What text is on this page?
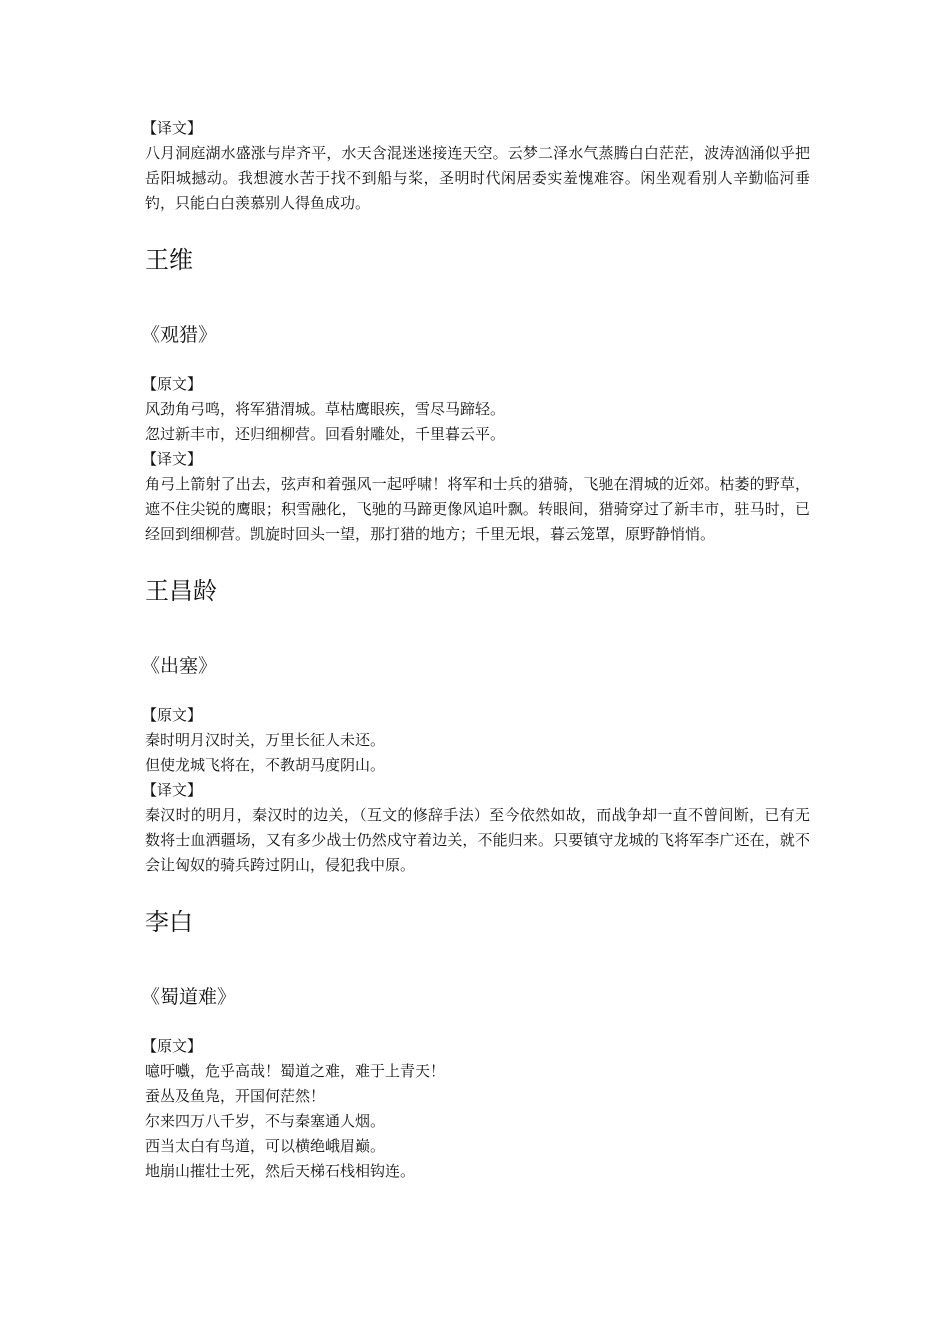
【译文】
八月洞庭湖水盛涨与岸齐平，水天含混迷迷接连天空。云梦二泽水气蒸腾白白茫茫，波涛汹涌似乎把岳阳城撼动。我想渡水苦于找不到船与桨，圣明时代闲居委实羞愧难容。闲坐观看别人辛勤临河垂钓，只能白白羡慕别人得鱼成功。
王维
《观猎》
【原文】
风劲角弓鸣，将军猎渭城。草枯鹰眼疾，雪尽马蹄轻。
忽过新丰市，还归细柳营。回看射雕处，千里暮云平。
【译文】
角弓上箭射了出去，弦声和着强风一起呼啸！将军和士兵的猎骑，飞驰在渭城的近郊。枯萎的野草，遮不住尖锐的鹰眼；积雪融化，飞驰的马蹄更像风追叶飘。转眼间，猎骑穿过了新丰市，驻马时，已经回到细柳营。凯旋时回头一望，那打猎的地方；千里无垠，暮云笼罩，原野静悄悄。
王昌龄
《出塞》
【原文】
秦时明月汉时关，万里长征人未还。
但使龙城飞将在，不教胡马度阴山。
【译文】
秦汉时的明月，秦汉时的边关，（互文的修辞手法）至今依然如故，而战争却一直不曾间断，已有无数将士血洒疆场，又有多少战士仍然戍守着边关，不能归来。只要镇守龙城的飞将军李广还在，就不会让匈奴的骑兵跨过阴山，侵犯我中原。
李白
《蜀道难》
【原文】
噫吁嚱，危乎高哉！蜀道之难，难于上青天！
蚕丛及鱼凫，开国何茫然！
尔来四万八千岁，不与秦塞通人烟。
西当太白有鸟道，可以横绝峨眉巅。
地崩山摧壮士死，然后天梯石栈相钩连。
